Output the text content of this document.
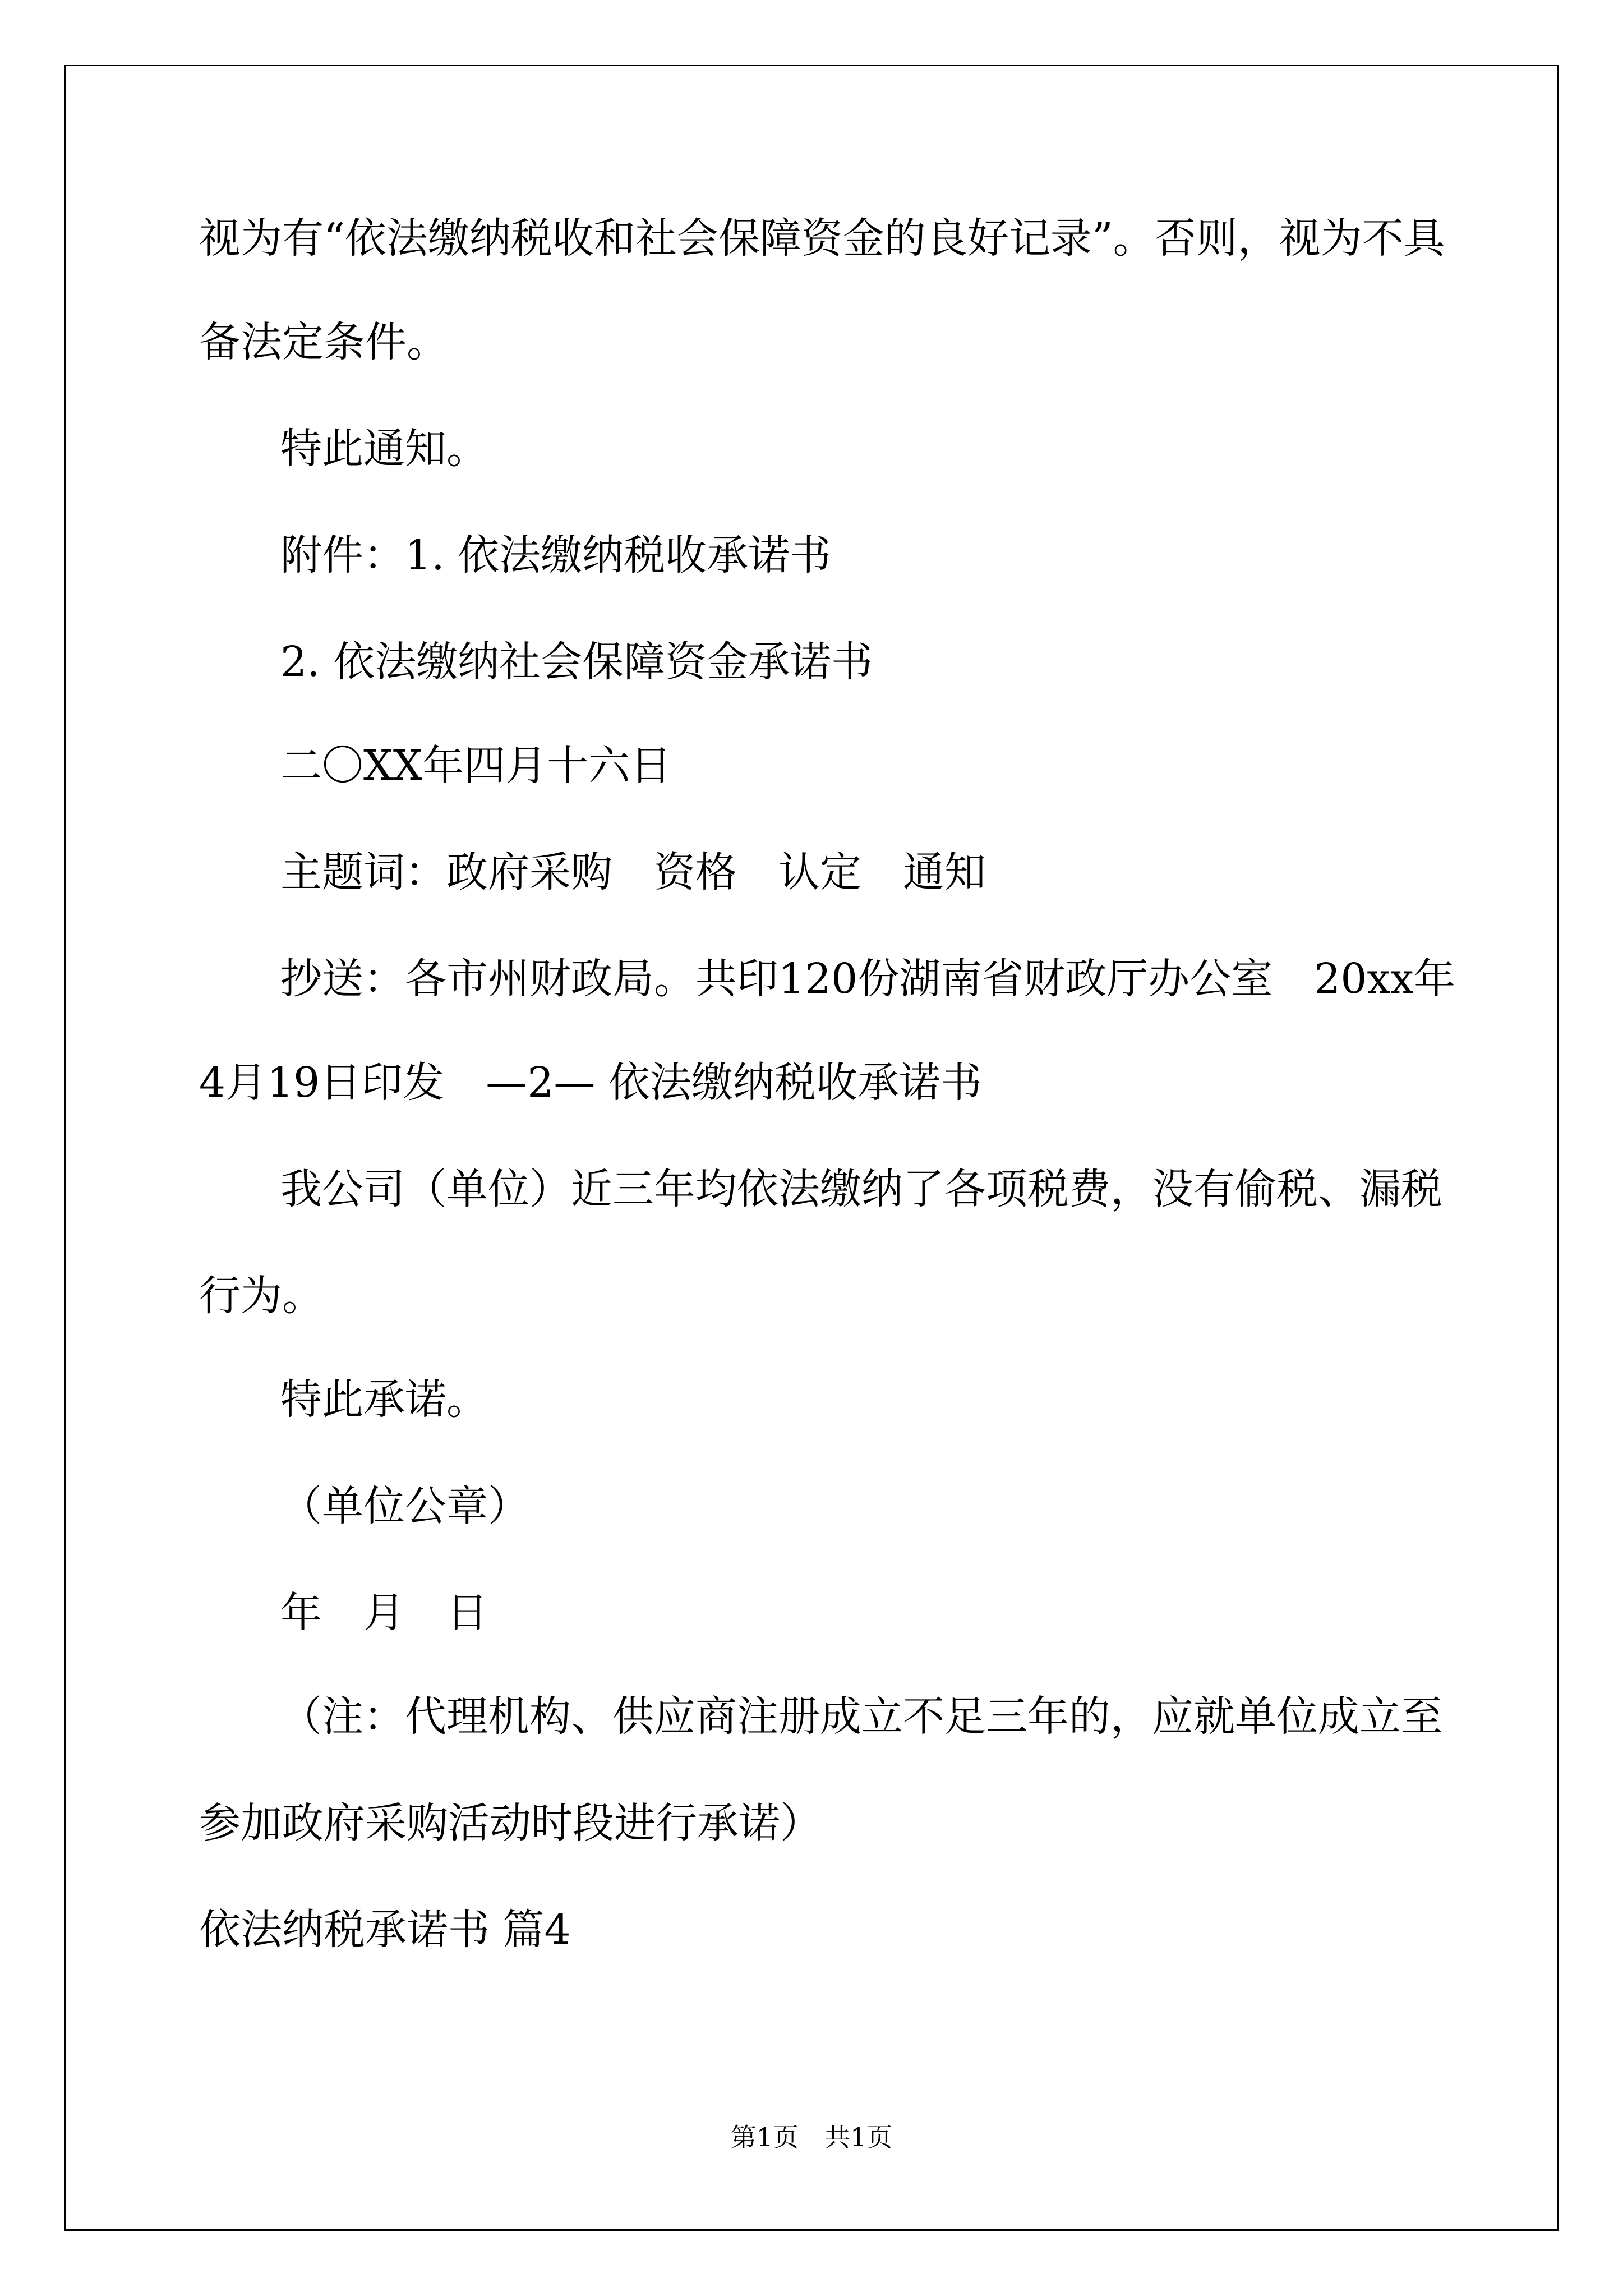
视为有“依法缴纳税收和社会保障资金的良好记录”。否则，视为不具
备法定条件。
特此通知。
附件：1. 依法缴纳税收承诺书
2. 依法缴纳社会保障资金承诺书
二〇XX年四月十六日
主题词：政府采购　资格　认定　通知
抄送：各市州财政局。共印120份湖南省财政厅办公室　20xx年
4月19日印发　—2— 依法缴纳税收承诺书
我公司（单位）近三年均依法缴纳了各项税费，没有偷税、漏税
行为。
特此承诺。
（单位公章）
年　月　日
（注：代理机构、供应商注册成立不足三年的，应就单位成立至
参加政府采购活动时段进行承诺）
依法纳税承诺书 篇4
第1页　共1页
